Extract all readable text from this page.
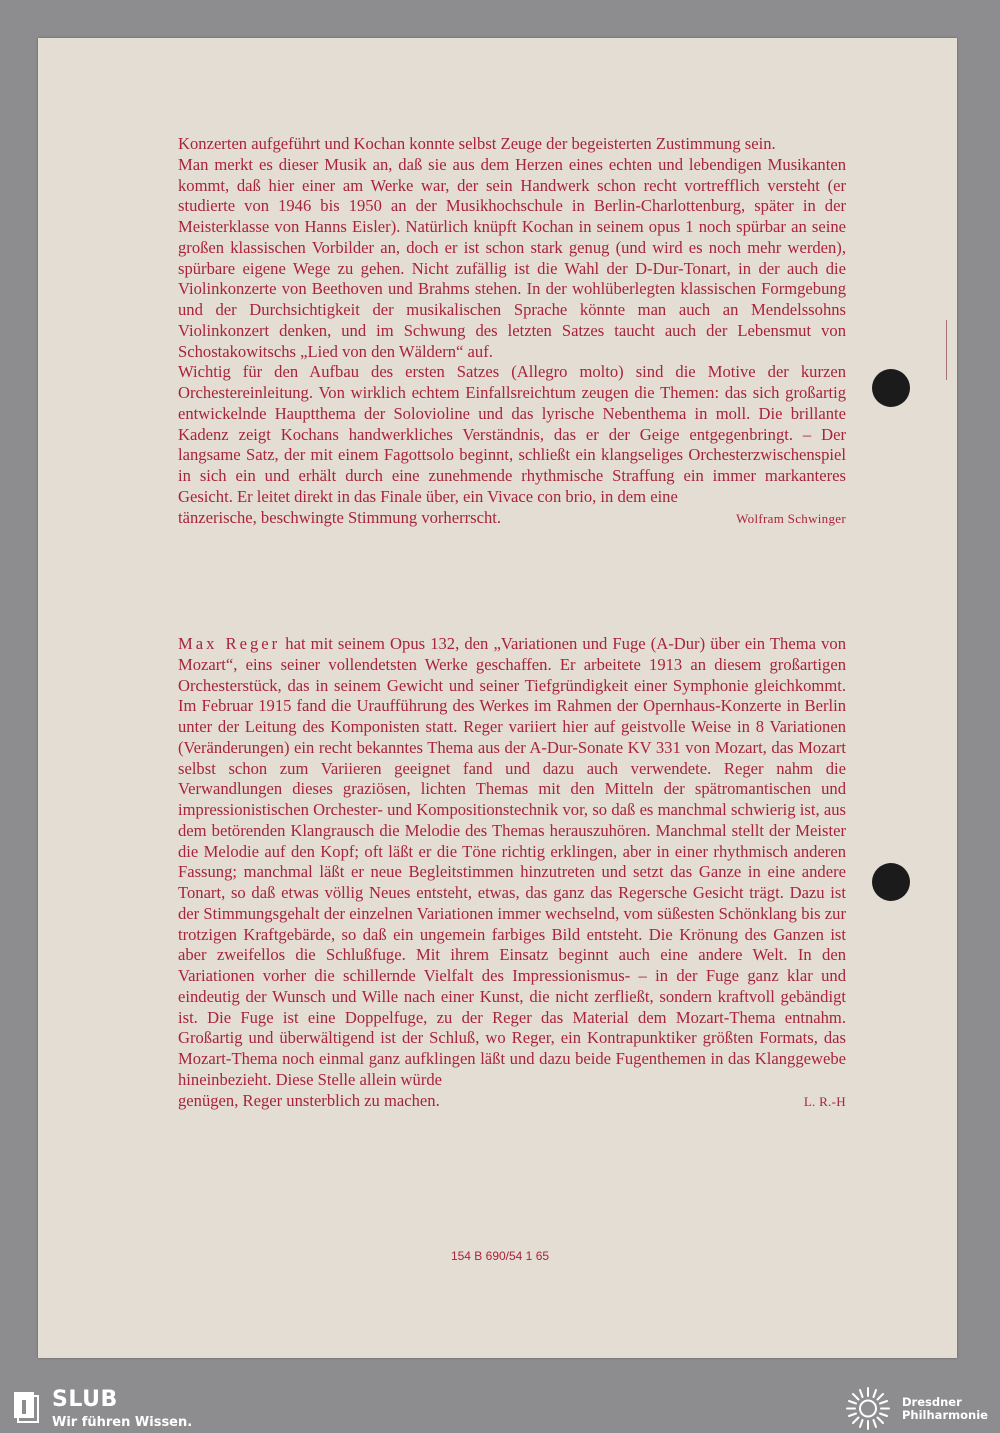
Konzerten aufgeführt und Kochan konnte selbst Zeuge der begeisterten Zustimmung sein.

Man merkt es dieser Musik an, daß sie aus dem Herzen eines echten und lebendigen Musikanten kommt, daß hier einer am Werke war, der sein Handwerk schon recht vortrefflich versteht (er studierte von 1946 bis 1950 an der Musikhochschule in Berlin-Charlottenburg, später in der Meisterklasse von Hanns Eisler). Natürlich knüpft Kochan in seinem opus 1 noch spürbar an seine großen klassischen Vorbilder an, doch er ist schon stark genug (und wird es noch mehr werden), spürbare eigene Wege zu gehen. Nicht zufällig ist die Wahl der D-Dur-Tonart, in der auch die Violinkonzerte von Beethoven und Brahms stehen. In der wohlüberlegten klassischen Formgebung und der Durchsichtigkeit der musikalischen Sprache könnte man auch an Mendelssohns Violinkonzert denken, und im Schwung des letzten Satzes taucht auch der Lebensmut von Schostakowitschs „Lied von den Wäldern“ auf.

Wichtig für den Aufbau des ersten Satzes (Allegro molto) sind die Motive der kurzen Orchestereinleitung. Von wirklich echtem Einfallsreichtum zeugen die Themen: das sich großartig entwickelnde Hauptthema der Solovioline und das lyrische Nebenthema in moll. Die brillante Kadenz zeigt Kochans handwerkliches Verständnis, das er der Geige entgegenbringt. – Der langsame Satz, der mit einem Fagottsolo beginnt, schließt ein klangseliges Orchesterzwischenspiel in sich ein und erhält durch eine zunehmende rhythmische Straffung ein immer markanteres Gesicht. Er leitet direkt in das Finale über, ein Vivace con brio, in dem eine

tänzerische, beschwingte Stimmung vorherrscht.	Wolfram Schwinger

Max Reger hat mit seinem Opus 132, den „Variationen und Fuge (A-Dur) über ein Thema von Mozart“, eins seiner vollendetsten Werke geschaffen. Er arbeitete 1913 an diesem großartigen Orchesterstück, das in seinem Gewicht und seiner Tiefgründigkeit einer Symphonie gleichkommt. Im Februar 1915 fand die Uraufführung des Werkes im Rahmen der Opernhaus-Konzerte in Berlin unter der Leitung des Komponisten statt. Reger variiert hier auf geistvolle Weise in 8 Variationen (Veränderungen) ein recht bekanntes Thema aus der A-Dur-Sonate KV 331 von Mozart, das Mozart selbst schon zum Variieren geeignet fand und dazu auch verwendete. Reger nahm die Verwandlungen dieses graziösen, lichten Themas mit den Mitteln der spätromantischen und impressionistischen Orchester- und Kompositionstechnik vor, so daß es manchmal schwierig ist, aus dem betörenden Klangrausch die Melodie des Themas herauszuhören. Manchmal stellt der Meister die Melodie auf den Kopf; oft läßt er die Töne richtig erklingen, aber in einer rhythmisch anderen Fassung; manchmal läßt er neue Begleitstimmen hinzutreten und setzt das Ganze in eine andere Tonart, so daß etwas völlig Neues entsteht, etwas, das ganz das Regersche Gesicht trägt. Dazu ist der Stimmungsgehalt der einzelnen Variationen immer wechselnd, vom süßesten Schönklang bis zur trotzigen Kraftgebärde, so daß ein ungemein farbiges Bild entsteht. Die Krönung des Ganzen ist aber zweifellos die Schlußfuge. Mit ihrem Einsatz beginnt auch eine andere Welt. In den Variationen vorher die schillernde Vielfalt des Impressionismus- – in der Fuge ganz klar und eindeutig der Wunsch und Wille nach einer Kunst, die nicht zerfließt, sondern kraftvoll gebändigt ist. Die Fuge ist eine Doppelfuge, zu der Reger das Material dem Mozart-Thema entnahm. Großartig und überwältigend ist der Schluß, wo Reger, ein Kontrapunktiker größten Formats, das Mozart-Thema noch einmal ganz aufklingen läßt und dazu beide Fugenthemen in das Klanggewebe hineinbezieht. Diese Stelle allein würde

genügen, Reger unsterblich zu machen.	L. R.-H
154 B 690/54 1 65
SLUB
Wir führen Wissen.
Dresdner
Philharmonie
